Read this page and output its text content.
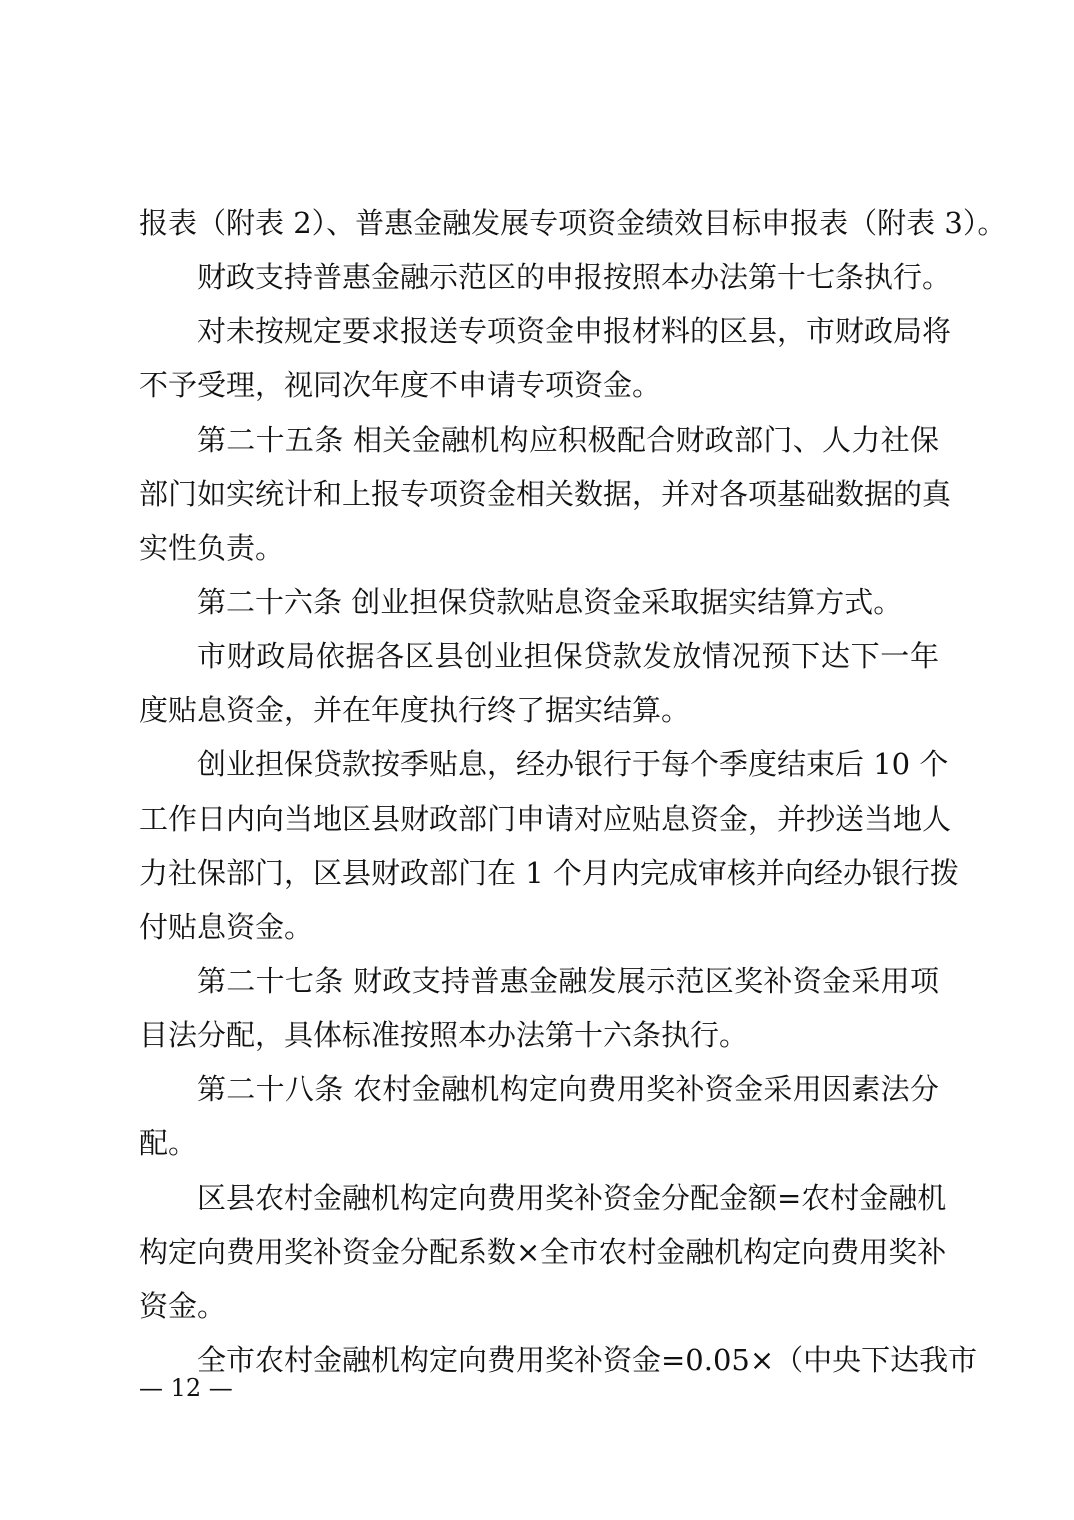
报表（附表 2）、普惠金融发展专项资金绩效目标申报表（附表 3）。
财政支持普惠金融示范区的申报按照本办法第十七条执行。
对未按规定要求报送专项资金申报材料的区县，市财政局将
不予受理，视同次年度不申请专项资金。
第二十五条 相关金融机构应积极配合财政部门、人力社保
部门如实统计和上报专项资金相关数据，并对各项基础数据的真
实性负责。
第二十六条 创业担保贷款贴息资金采取据实结算方式。
市财政局依据各区县创业担保贷款发放情况预下达下一年
度贴息资金，并在年度执行终了据实结算。
创业担保贷款按季贴息，经办银行于每个季度结束后 10 个
工作日内向当地区县财政部门申请对应贴息资金，并抄送当地人
力社保部门，区县财政部门在 1 个月内完成审核并向经办银行拨
付贴息资金。
第二十七条 财政支持普惠金融发展示范区奖补资金采用项
目法分配，具体标准按照本办法第十六条执行。
第二十八条 农村金融机构定向费用奖补资金采用因素法分
配。
区县农村金融机构定向费用奖补资金分配金额=农村金融机
构定向费用奖补资金分配系数×全市农村金融机构定向费用奖补
资金。
全市农村金融机构定向费用奖补资金=0.05×（中央下达我市
— 12 —
